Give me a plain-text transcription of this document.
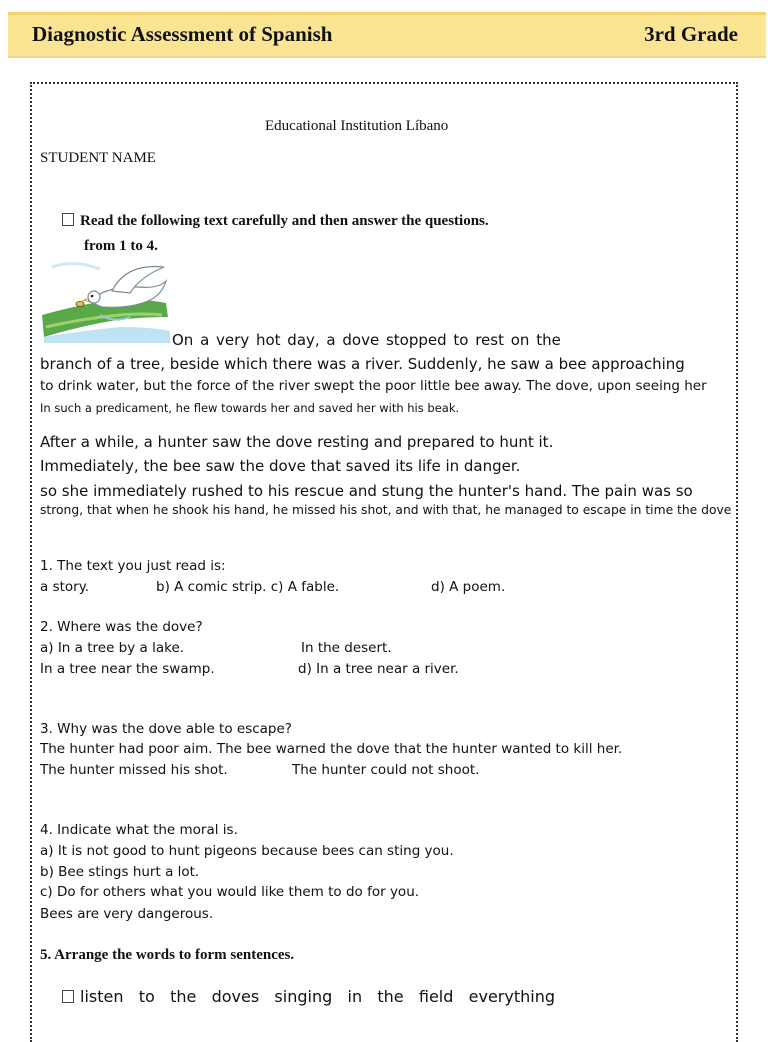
Diagnostic Assessment of Spanish	3rd Grade
Educational Institution Líbano
STUDENT NAME
Read the following text carefully and then answer the questions.
from 1 to 4.
On a very hot day, a dove stopped to rest on the
branch of a tree, beside which there was a river. Suddenly, he saw a bee approaching
to drink water, but the force of the river swept the poor little bee away. The dove, upon seeing her
In such a predicament, he flew towards her and saved her with his beak.
After a while, a hunter saw the dove resting and prepared to hunt it.
Immediately, the bee saw the dove that saved its life in danger.
so she immediately rushed to his rescue and stung the hunter's hand. The pain was so
strong, that when he shook his hand, he missed his shot, and with that, he managed to escape in time the dove
1. The text you just read is:
a story.	b) A comic strip. c) A fable.	d) A poem.
2. Where was the dove?
a) In a tree by a lake.	In the desert.
In a tree near the swamp.	d) In a tree near a river.
3. Why was the dove able to escape?
The hunter had poor aim. The bee warned the dove that the hunter wanted to kill her.
The hunter missed his shot.	The hunter could not shoot.
4. Indicate what the moral is.
a) It is not good to hunt pigeons because bees can sting you.
b) Bee stings hurt a lot.
c) Do for others what you would like them to do for you.
Bees are very dangerous.
5. Arrange the words to form sentences.
listen   to   the   doves   singing   in   the   field   everything
